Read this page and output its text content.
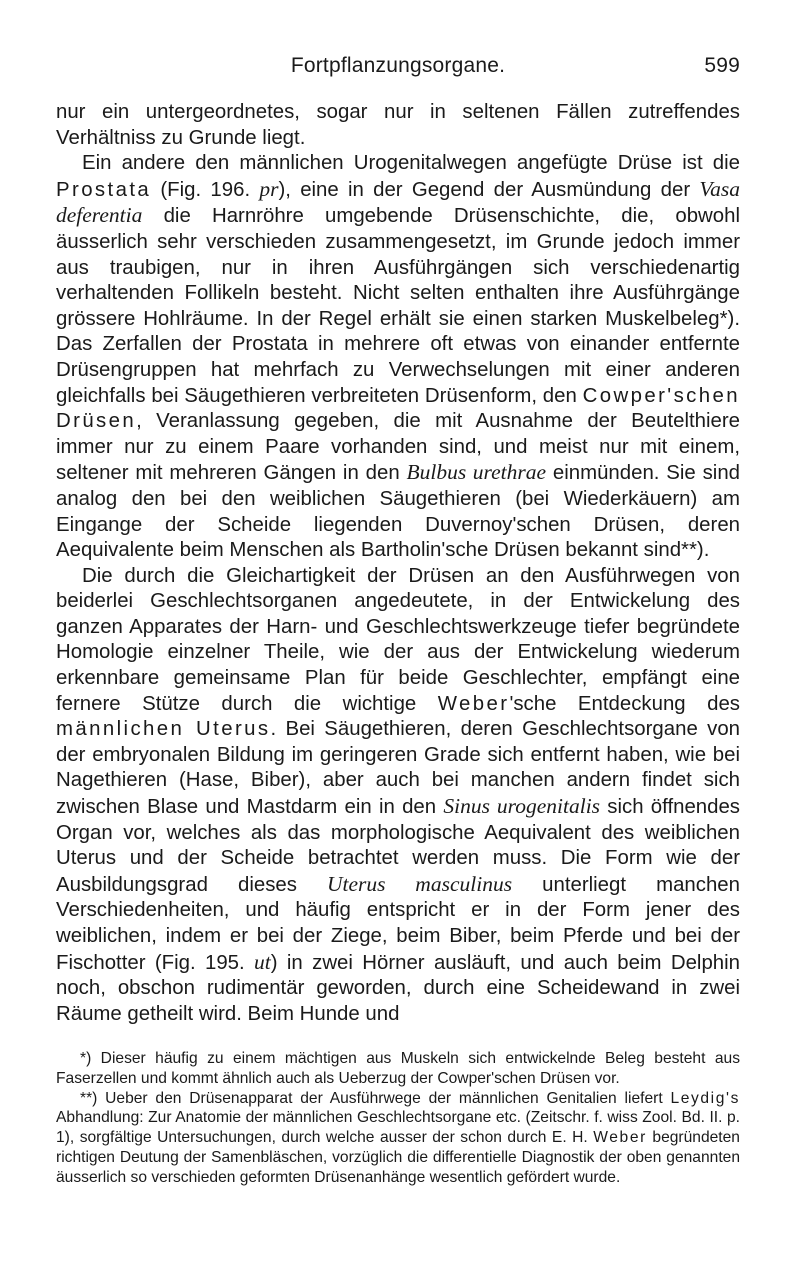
Fortpflanzungsorgane.	599

nur ein untergeordnetes, sogar nur in seltenen Fällen zutreffendes Verhältniss zu Grunde liegt.

Ein andere den männlichen Urogenitalwegen angefügte Drüse ist die Prostata (Fig. 196. pr), eine in der Gegend der Ausmündung der Vasa deferentia die Harnröhre umgebende Drüsenschichte, die, obwohl äusserlich sehr verschieden zusammengesetzt, im Grunde jedoch immer aus traubigen, nur in ihren Ausführgängen sich verschiedenartig verhaltenden Follikeln besteht. Nicht selten enthalten ihre Ausführgänge grössere Hohlräume. In der Regel erhält sie einen starken Muskelbeleg*). Das Zerfallen der Prostata in mehrere oft etwas von einander entfernte Drüsengruppen hat mehrfach zu Verwechselungen mit einer anderen gleichfalls bei Säugethieren verbreiteten Drüsenform, den Cowper'schen Drüsen, Veranlassung gegeben, die mit Ausnahme der Beutelthiere immer nur zu einem Paare vorhanden sind, und meist nur mit einem, seltener mit mehreren Gängen in den Bulbus urethrae einmünden. Sie sind analog den bei den weiblichen Säugethieren (bei Wiederkäuern) am Eingange der Scheide liegenden Duvernoy'schen Drüsen, deren Aequivalente beim Menschen als Bartholin'sche Drüsen bekannt sind**).

Die durch die Gleichartigkeit der Drüsen an den Ausführwegen von beiderlei Geschlechtsorganen angedeutete, in der Entwickelung des ganzen Apparates der Harn- und Geschlechtswerkzeuge tiefer begründete Homologie einzelner Theile, wie der aus der Entwickelung wiederum erkennbare gemeinsame Plan für beide Geschlechter, empfängt eine fernere Stütze durch die wichtige Weber'sche Entdeckung des männlichen Uterus. Bei Säugethieren, deren Geschlechtsorgane von der embryonalen Bildung im geringeren Grade sich entfernt haben, wie bei Nagethieren (Hase, Biber), aber auch bei manchen andern findet sich zwischen Blase und Mastdarm ein in den Sinus urogenitalis sich öffnendes Organ vor, welches als das morphologische Aequivalent des weiblichen Uterus und der Scheide betrachtet werden muss. Die Form wie der Ausbildungsgrad dieses Uterus masculinus unterliegt manchen Verschiedenheiten, und häufig entspricht er in der Form jener des weiblichen, indem er bei der Ziege, beim Biber, beim Pferde und bei der Fischotter (Fig. 195. ut) in zwei Hörner ausläuft, und auch beim Delphin noch, obschon rudimentär geworden, durch eine Scheidewand in zwei Räume getheilt wird. Beim Hunde und

*) Dieser häufig zu einem mächtigen aus Muskeln sich entwickelnde Beleg besteht aus Faserzellen und kommt ähnlich auch als Ueberzug der Cowper'schen Drüsen vor.

**) Ueber den Drüsenapparat der Ausführwege der männlichen Genitalien liefert Leydig's Abhandlung: Zur Anatomie der männlichen Geschlechtsorgane etc. (Zeitschr. f. wiss Zool. Bd. II. p. 1), sorgfältige Untersuchungen, durch welche ausser der schon durch E. H. Weber begründeten richtigen Deutung der Samenbläschen, vorzüglich die differentielle Diagnostik der oben genannten äusserlich so verschieden geformten Drüsenanhänge wesentlich gefördert wurde.
